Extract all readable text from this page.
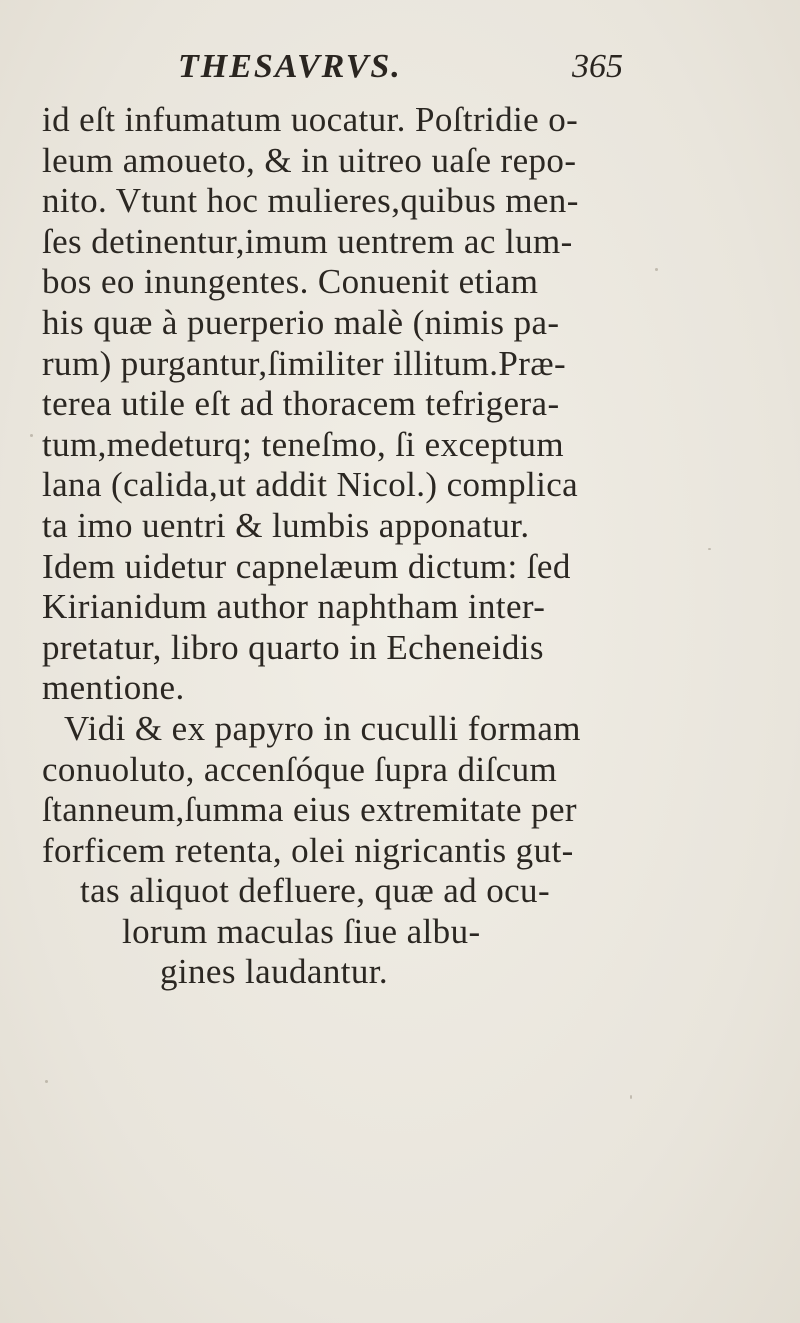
THESAVRVS.	365
id eſt infumatum uocatur. Poſtridie o-
leum amoueto, & in uitreo uaſe repo-
nito. Vtunt hoc mulieres,quibus men-
ſes detinentur,imum uentrem ac lum-
bos eo inungentes. Conuenit etiam
his quæ à puerperio malè (nimis pa-
rum) purgantur,ſimiliter illitum.Præ-
terea utile eſt ad thoracem tefrigera-
tum,medeturq; teneſmo, ſi exceptum
lana (calida,ut addit Nicol.) complica
ta imo uentri & lumbis apponatur.
Idem uidetur capnelæum dictum: ſed
Kirianidum author naphtham inter-
pretatur, libro quarto in Echeneidis
mentione.
Vidi & ex papyro in cuculli formam
conuoluto, accenſóque ſupra diſcum
ſtanneum,ſumma eius extremitate per
forficem retenta, olei nigricantis gut-
tas aliquot defluere, quæ ad ocu-
lorum maculas ſiue albu-
gines laudantur.
